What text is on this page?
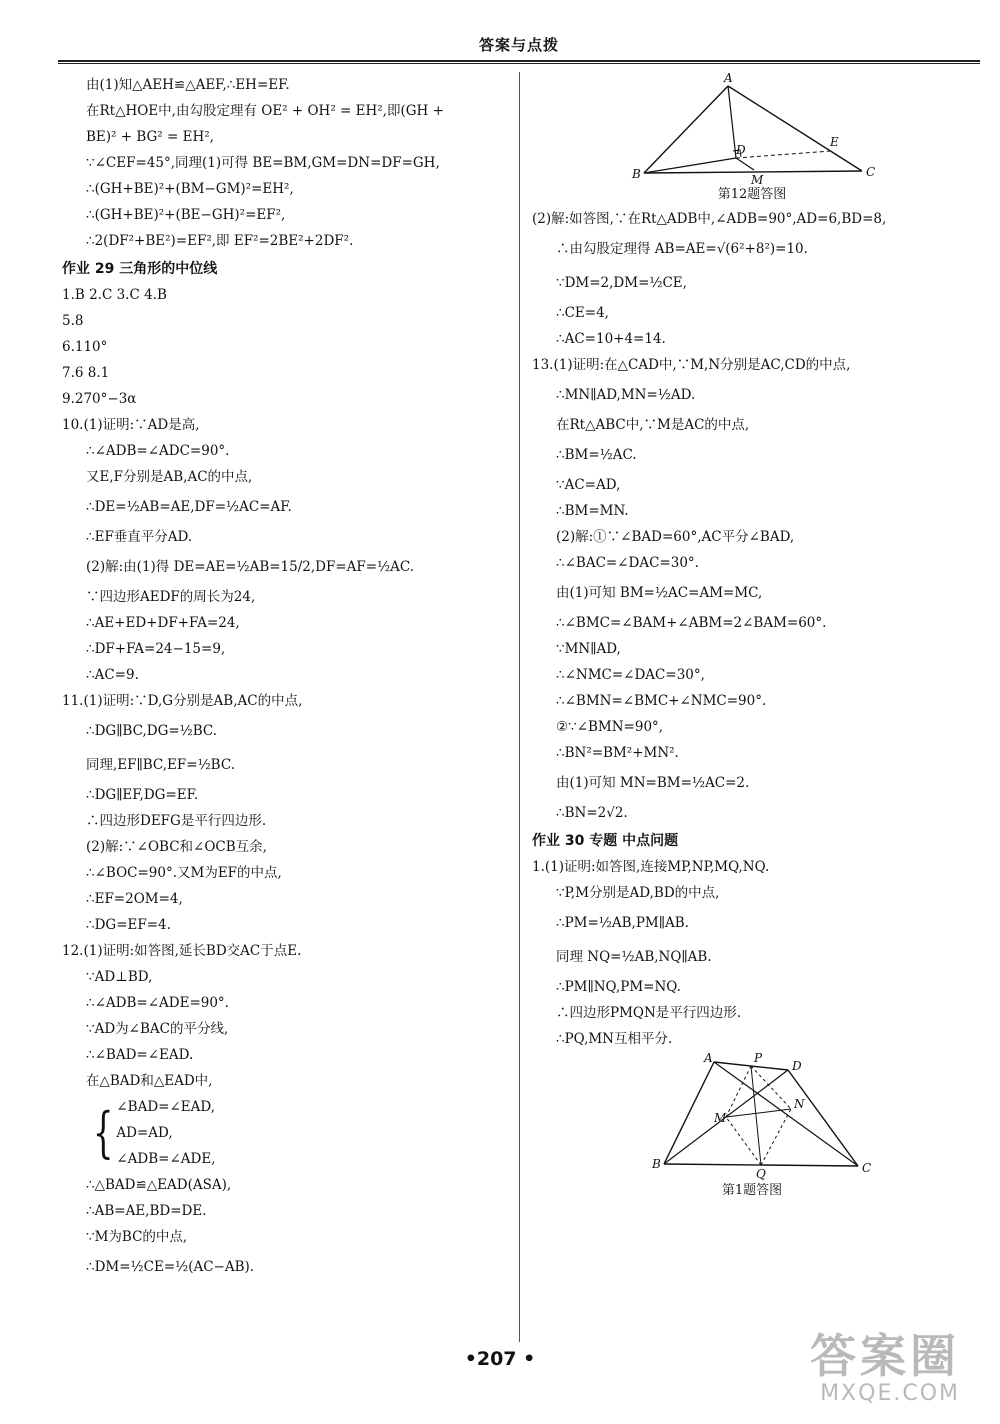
答案与点拨
由(1)知△AEH≌△AEF,∴EH=EF.
在Rt△HOE中,由勾股定理有 OE² + OH² = EH²,即(GH +
BE)² + BG² = EH²,
∵∠CEF=45°,同理(1)可得 BE=BM,GM=DN=DF=GH,
∴(GH+BE)²+(BM−GM)²=EH²,
∴(GH+BE)²+(BE−GH)²=EF²,
∴2(DF²+BE²)=EF²,即 EF²=2BE²+2DF².
作业 29 三角形的中位线
1.B 2.C 3.C 4.B
5.8
6.110°
7.6 8.1
9.270°−3α
10.(1)证明:∵AD是高,
∴∠ADB=∠ADC=90°.
又E,F分别是AB,AC的中点,
∴DE=½AB=AE,DF=½AC=AF.
∴EF垂直平分AD.
(2)解:由(1)得 DE=AE=½AB=15/2,DF=AF=½AC.
∵四边形AEDF的周长为24,
∴AE+ED+DF+FA=24,
∴DF+FA=24−15=9,
∴AC=9.
11.(1)证明:∵D,G分别是AB,AC的中点,
∴DG∥BC,DG=½BC.
同理,EF∥BC,EF=½BC.
∴DG∥EF,DG=EF.
∴四边形DEFG是平行四边形.
(2)解:∵∠OBC和∠OCB互余,
∴∠BOC=90°.又M为EF的中点,
∴EF=2OM=4,
∴DG=EF=4.
12.(1)证明:如答图,延长BD交AC于点E.
∵AD⊥BD,
∴∠ADB=∠ADE=90°.
∵AD为∠BAC的平分线,
∴∠BAD=∠EAD.
在△BAD和△EAD中,
{ ∠BAD=∠EAD,
AD=AD,
∠ADB=∠ADE,
∴△BAD≌△EAD(ASA),
∴AB=AE,BD=DE.
∵M为BC的中点,
∴DM=½CE=½(AC−AB).
A
B	C
D
E
M
第12题答图
(2)解:如答图,∵在Rt△ADB中,∠ADB=90°,AD=6,BD=8,
∴由勾股定理得 AB=AE=√(6²+8²)=10.
∵DM=2,DM=½CE,
∴CE=4,
∴AC=10+4=14.
13.(1)证明:在△CAD中,∵M,N分别是AC,CD的中点,
∴MN∥AD,MN=½AD.
在Rt△ABC中,∵M是AC的中点,
∴BM=½AC.
∵AC=AD,
∴BM=MN.
(2)解:①∵∠BAD=60°,AC平分∠BAD,
∴∠BAC=∠DAC=30°.
由(1)可知 BM=½AC=AM=MC,
∴∠BMC=∠BAM+∠ABM=2∠BAM=60°.
∵MN∥AD,
∴∠NMC=∠DAC=30°,
∴∠BMN=∠BMC+∠NMC=90°.
②∵∠BMN=90°,
∴BN²=BM²+MN².
由(1)可知 MN=BM=½AC=2.
∴BN=2√2.
作业 30 专题 中点问题
1.(1)证明:如答图,连接MP,NP,MQ,NQ.
∵P,M分别是AD,BD的中点,
∴PM=½AB,PM∥AB.
同理 NQ=½AB,NQ∥AB.
∴PM∥NQ,PM=NQ.
∴四边形PMQN是平行四边形.
∴PQ,MN互相平分.
A	P
D
N
M
B
Q	C
第1题答图
•207 •	答案圈
MXQE.COM
